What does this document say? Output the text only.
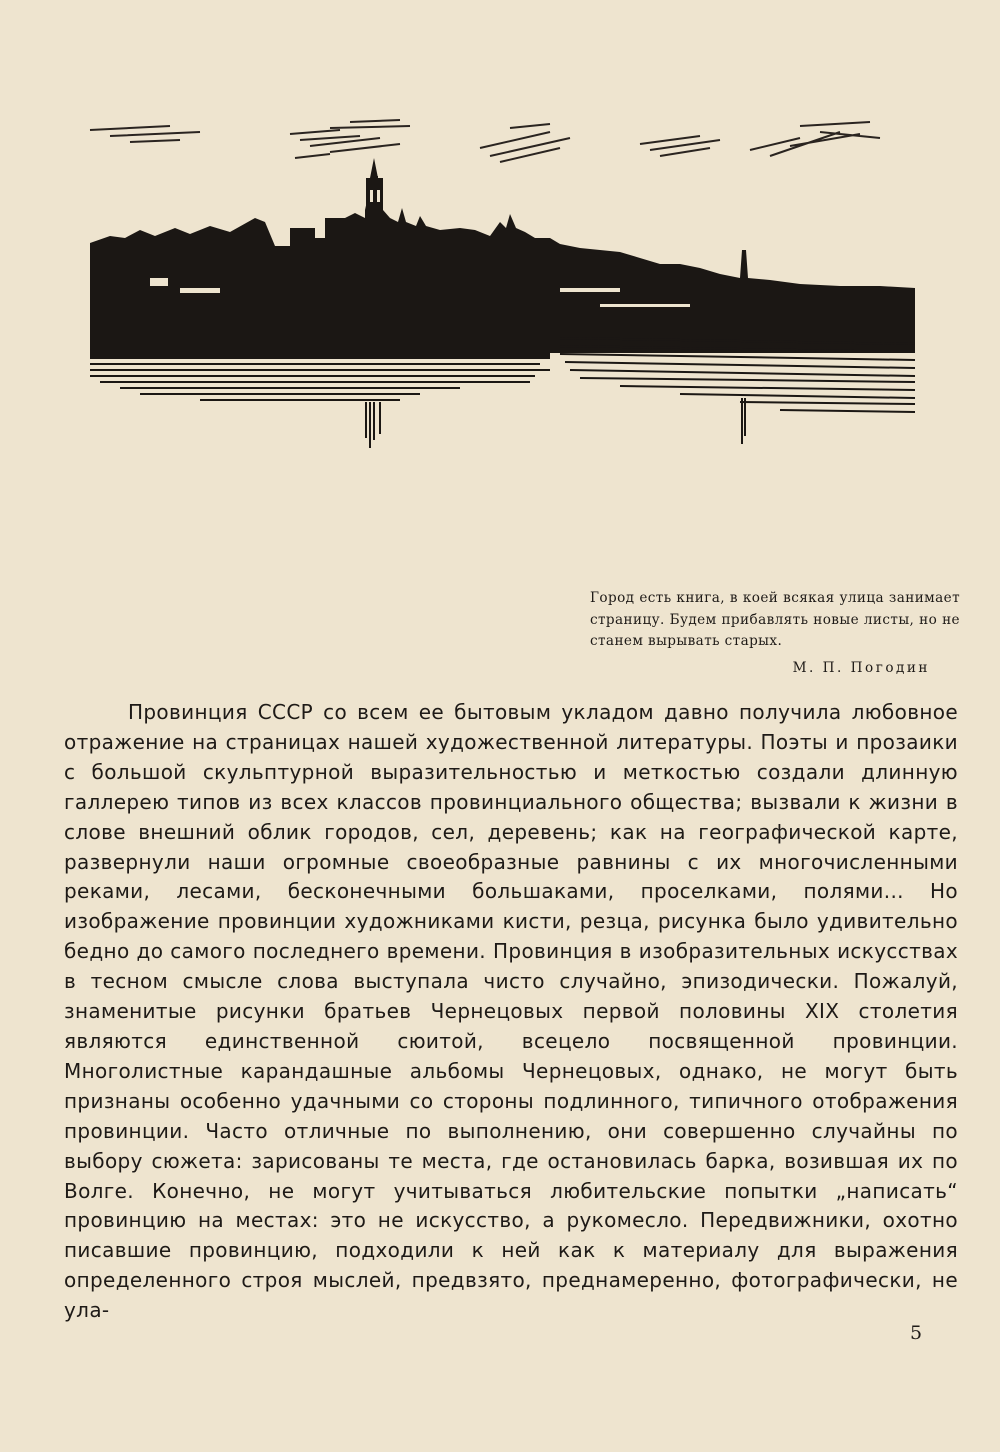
Город есть книга, в коей всякая улица занимает страницу. Будем прибавлять новые листы, но не станем вырывать старых.

М. П. Погодин

Провинция СССР со всем ее бытовым укладом давно получила любовное отражение на страницах нашей художественной литературы. Поэты и прозаики с большой скульптурной выразительностью и меткостью создали длинную галлерею типов из всех классов провинциального общества; вызвали к жизни в слове внешний облик городов, сел, деревень; как на географической карте, развернули наши огромные своеобразные равнины с их многочисленными реками, лесами, бесконечными большаками, проселками, полями... Но изображение провинции художниками кисти, резца, рисунка было удивительно бедно до самого последнего времени. Провинция в изобразительных искусствах в тесном смысле слова выступала чисто случайно, эпизодически. Пожалуй, знаменитые рисунки братьев Чернецовых первой половины XIX столетия являются единственной сюитой, всецело посвященной провинции. Многолистные карандашные альбомы Чернецовых, однако, не могут быть признаны особенно удачными со стороны подлинного, типичного отображения провинции. Часто отличные по выполнению, они совершенно случайны по выбору сюжета: зарисованы те места, где остановилась барка, возившая их по Волге. Конечно, не могут учитываться любительские попытки „написать“ провинцию на местах: это не искусство, а рукомесло. Передвижники, охотно писавшие провинцию, подходили к ней как к материалу для выражения определенного строя мыслей, предвзято, преднамеренно, фотографически, не ула-

5
